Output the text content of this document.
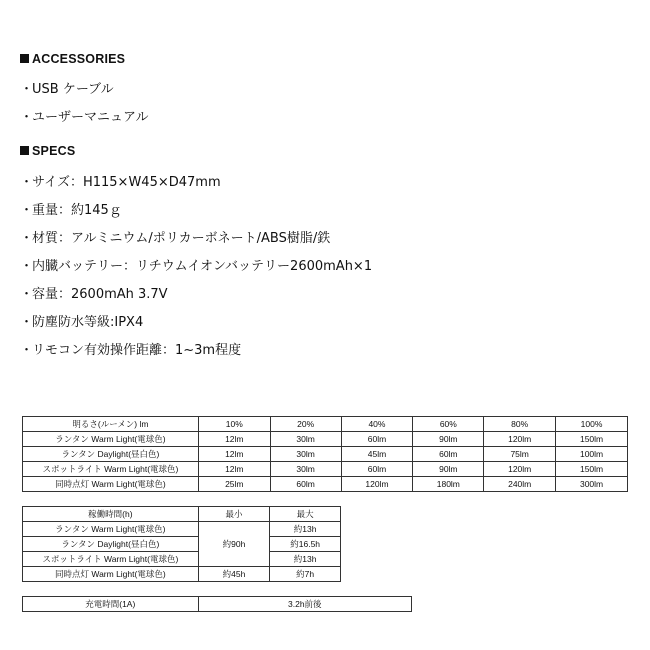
ACCESSORIES
・USB ケーブル
・ユーザーマニュアル
SPECS
・サイズ：H115×W45×D47mm
・重量：約145ｇ
・材質：アルミニウム/ポリカーボネート/ABS樹脂/鉄
・内臓バッテリー：リチウムイオンバッテリー2600mAh×1
・容量：2600mAh 3.7V
・防塵防水等級:IPX4
・リモコン有効操作距離：1~3m程度
明るさ(ルーメン) lm	10%	20%	40%	60%	80%	100%
ランタン Warm Light(電球色)	12lm	30lm	60lm	90lm	120lm	150lm
ランタン Daylight(昼白色)	12lm	30lm	45lm	60lm	75lm	100lm
スポットライト Warm Light(電球色)	12lm	30lm	60lm	90lm	120lm	150lm
同時点灯 Warm Light(電球色)	25lm	60lm	120lm	180lm	240lm	300lm
稼働時間(h)	最小	最大
ランタン Warm Light(電球色)	約90h	約13h
ランタン Daylight(昼白色)		約16.5h
スポットライト Warm Light(電球色)		約13h
同時点灯 Warm Light(電球色)	約45h	約7h
充電時間(1A)	3.2h前後
